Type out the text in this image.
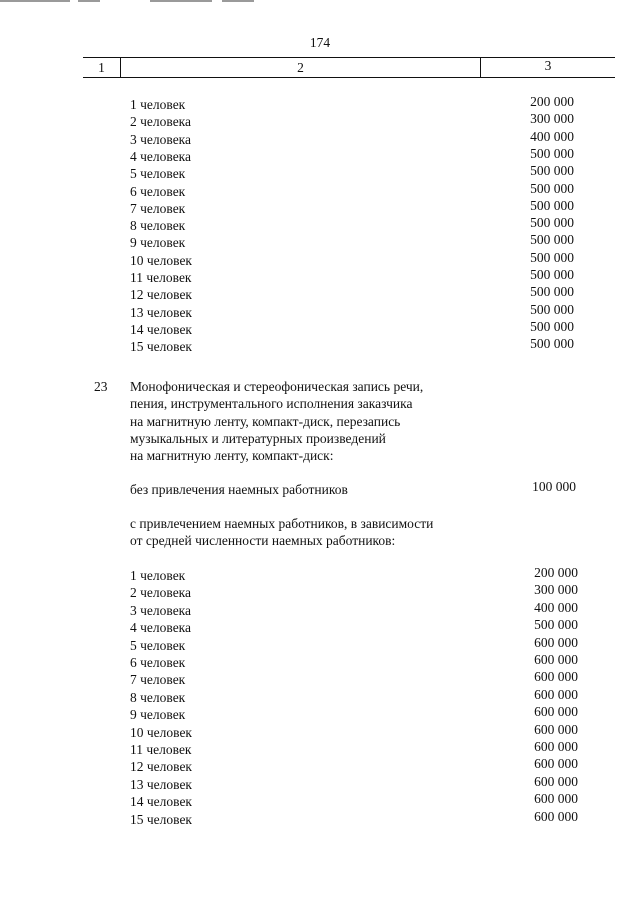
174
1	2	3
1 человек	200 000
2 человека	300 000
3 человека	400 000
4 человека	500 000
5 человек	500 000
6 человек	500 000
7 человек	500 000
8 человек	500 000
9 человек	500 000
10 человек	500 000
11 человек	500 000
12 человек	500 000
13 человек	500 000
14 человек	500 000
15 человек	500 000
23 Монофоническая и стереофоническая запись речи,
пения, инструментального исполнения заказчика
на магнитную ленту, компакт-диск, перезапись
музыкальных и литературных произведений
на магнитную ленту, компакт-диск:
без привлечения наемных работников	100 000
с привлечением наемных работников, в зависимости
от средней численности наемных работников:
1 человек	200 000
2 человека	300 000
3 человека	400 000
4 человека	500 000
5 человек	600 000
6 человек	600 000
7 человек	600 000
8 человек	600 000
9 человек	600 000
10 человек	600 000
11 человек	600 000
12 человек	600 000
13 человек	600 000
14 человек	600 000
15 человек	600 000
